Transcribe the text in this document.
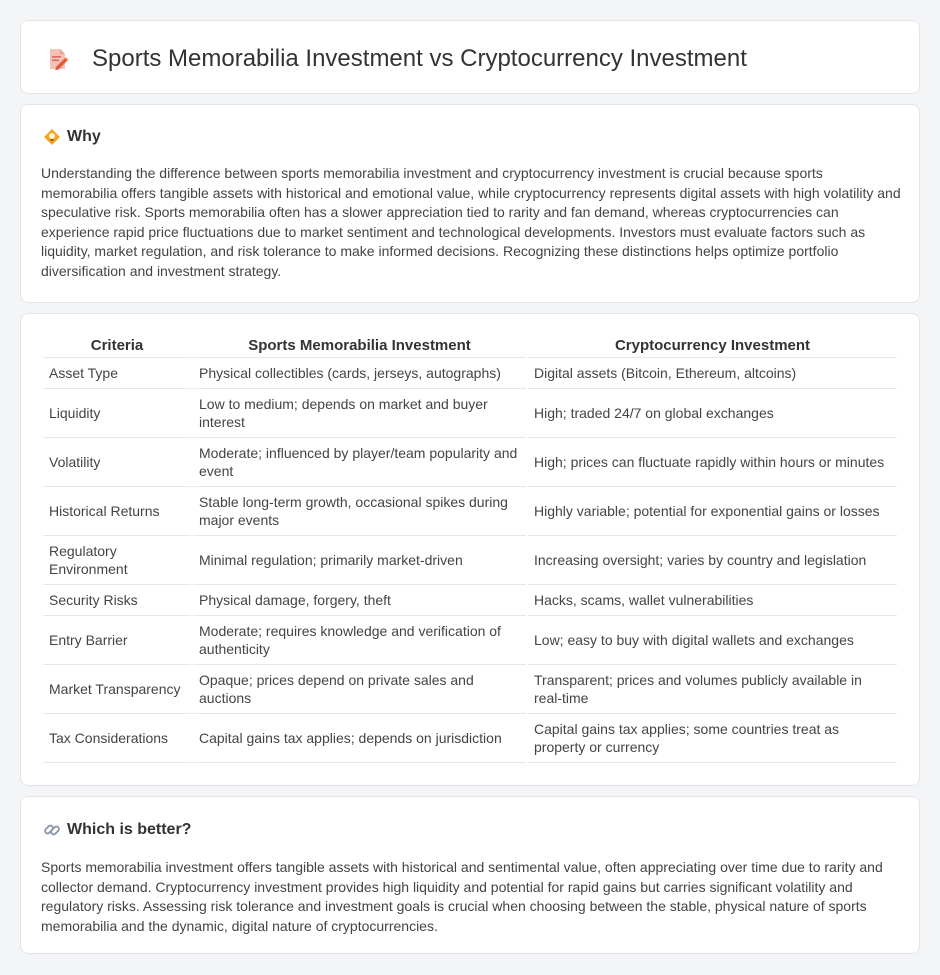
Sports Memorabilia Investment vs Cryptocurrency Investment
Why

Understanding the difference between sports memorabilia investment and cryptocurrency investment is crucial because sports memorabilia offers tangible assets with historical and emotional value, while cryptocurrency represents digital assets with high volatility and speculative risk. Sports memorabilia often has a slower appreciation tied to rarity and fan demand, whereas cryptocurrencies can experience rapid price fluctuations due to market sentiment and technological developments. Investors must evaluate factors such as liquidity, market regulation, and risk tolerance to make informed decisions. Recognizing these distinctions helps optimize portfolio diversification and investment strategy.

Criteria	Sports Memorabilia Investment	Cryptocurrency Investment
Asset Type	Physical collectibles (cards, jerseys, autographs)	Digital assets (Bitcoin, Ethereum, altcoins)
Liquidity	Low to medium; depends on market and buyer interest	High; traded 24/7 on global exchanges
Volatility	Moderate; influenced by player/team popularity and event	High; prices can fluctuate rapidly within hours or minutes
Historical Returns	Stable long-term growth, occasional spikes during major events	Highly variable; potential for exponential gains or losses
Regulatory Environment	Minimal regulation; primarily market-driven	Increasing oversight; varies by country and legislation
Security Risks	Physical damage, forgery, theft	Hacks, scams, wallet vulnerabilities
Entry Barrier	Moderate; requires knowledge and verification of authenticity	Low; easy to buy with digital wallets and exchanges
Market Transparency	Opaque; prices depend on private sales and auctions	Transparent; prices and volumes publicly available in real-time
Tax Considerations	Capital gains tax applies; depends on jurisdiction	Capital gains tax applies; some countries treat as property or currency
Which is better?

Sports memorabilia investment offers tangible assets with historical and sentimental value, often appreciating over time due to rarity and collector demand. Cryptocurrency investment provides high liquidity and potential for rapid gains but carries significant volatility and regulatory risks. Assessing risk tolerance and investment goals is crucial when choosing between the stable, physical nature of sports memorabilia and the dynamic, digital nature of cryptocurrencies.
